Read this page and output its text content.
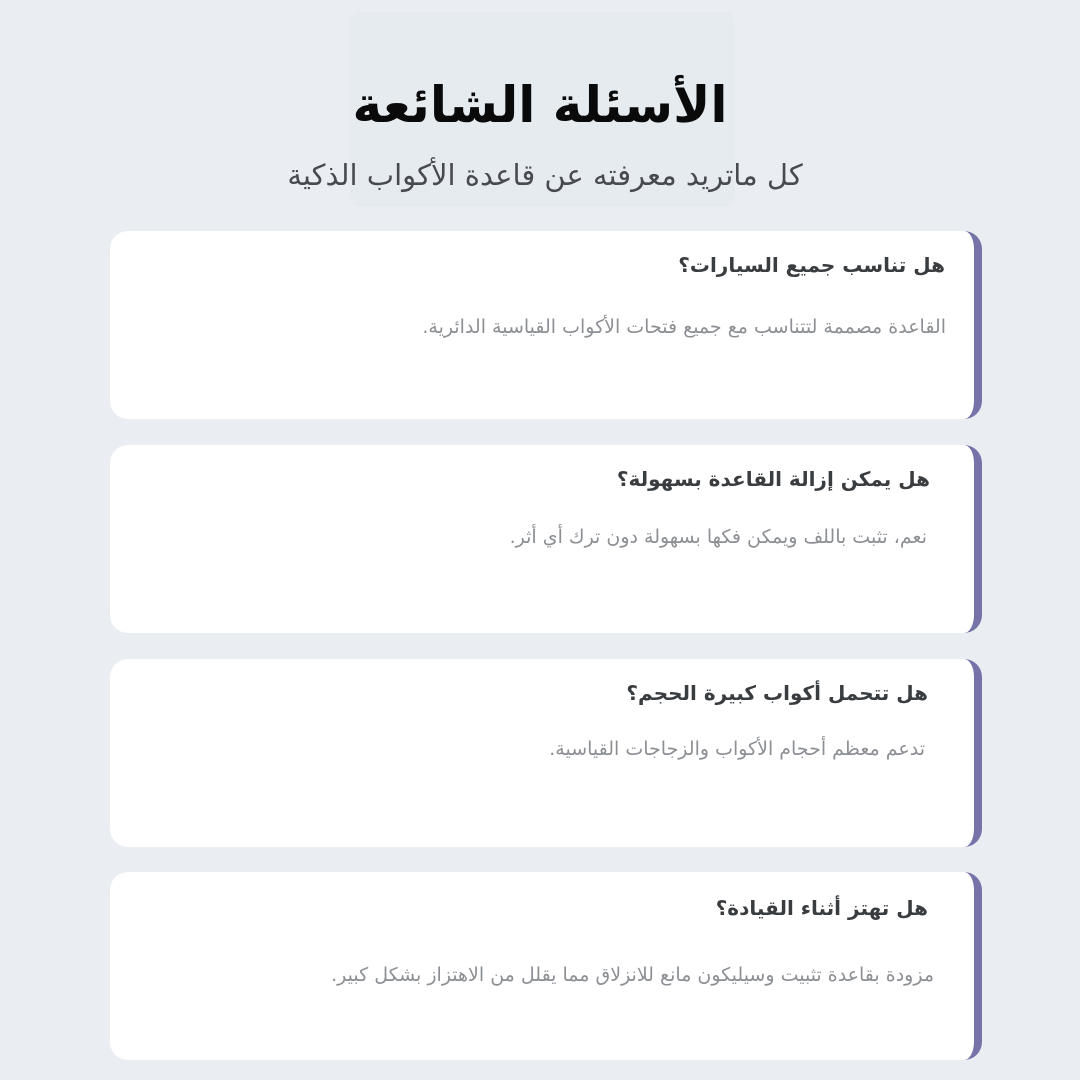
الأسئلة الشائعة

كل ماتريد معرفته عن قاعدة الأكواب الذكية

هل تناسب جميع السيارات؟
القاعدة مصممة لتتناسب مع جميع فتحات الأكواب القياسية الدائرية.
هل يمكن إزالة القاعدة بسهولة؟
نعم، تثبت باللف ويمكن فكها بسهولة دون ترك أي أثر.
هل تتحمل أكواب كبيرة الحجم؟
تدعم معظم أحجام الأكواب والزجاجات القياسية.
هل تهتز أثناء القيادة؟
مزودة بقاعدة تثبيت وسيليكون مانع للانزلاق مما يقلل من الاهتزاز بشكل كبير.
